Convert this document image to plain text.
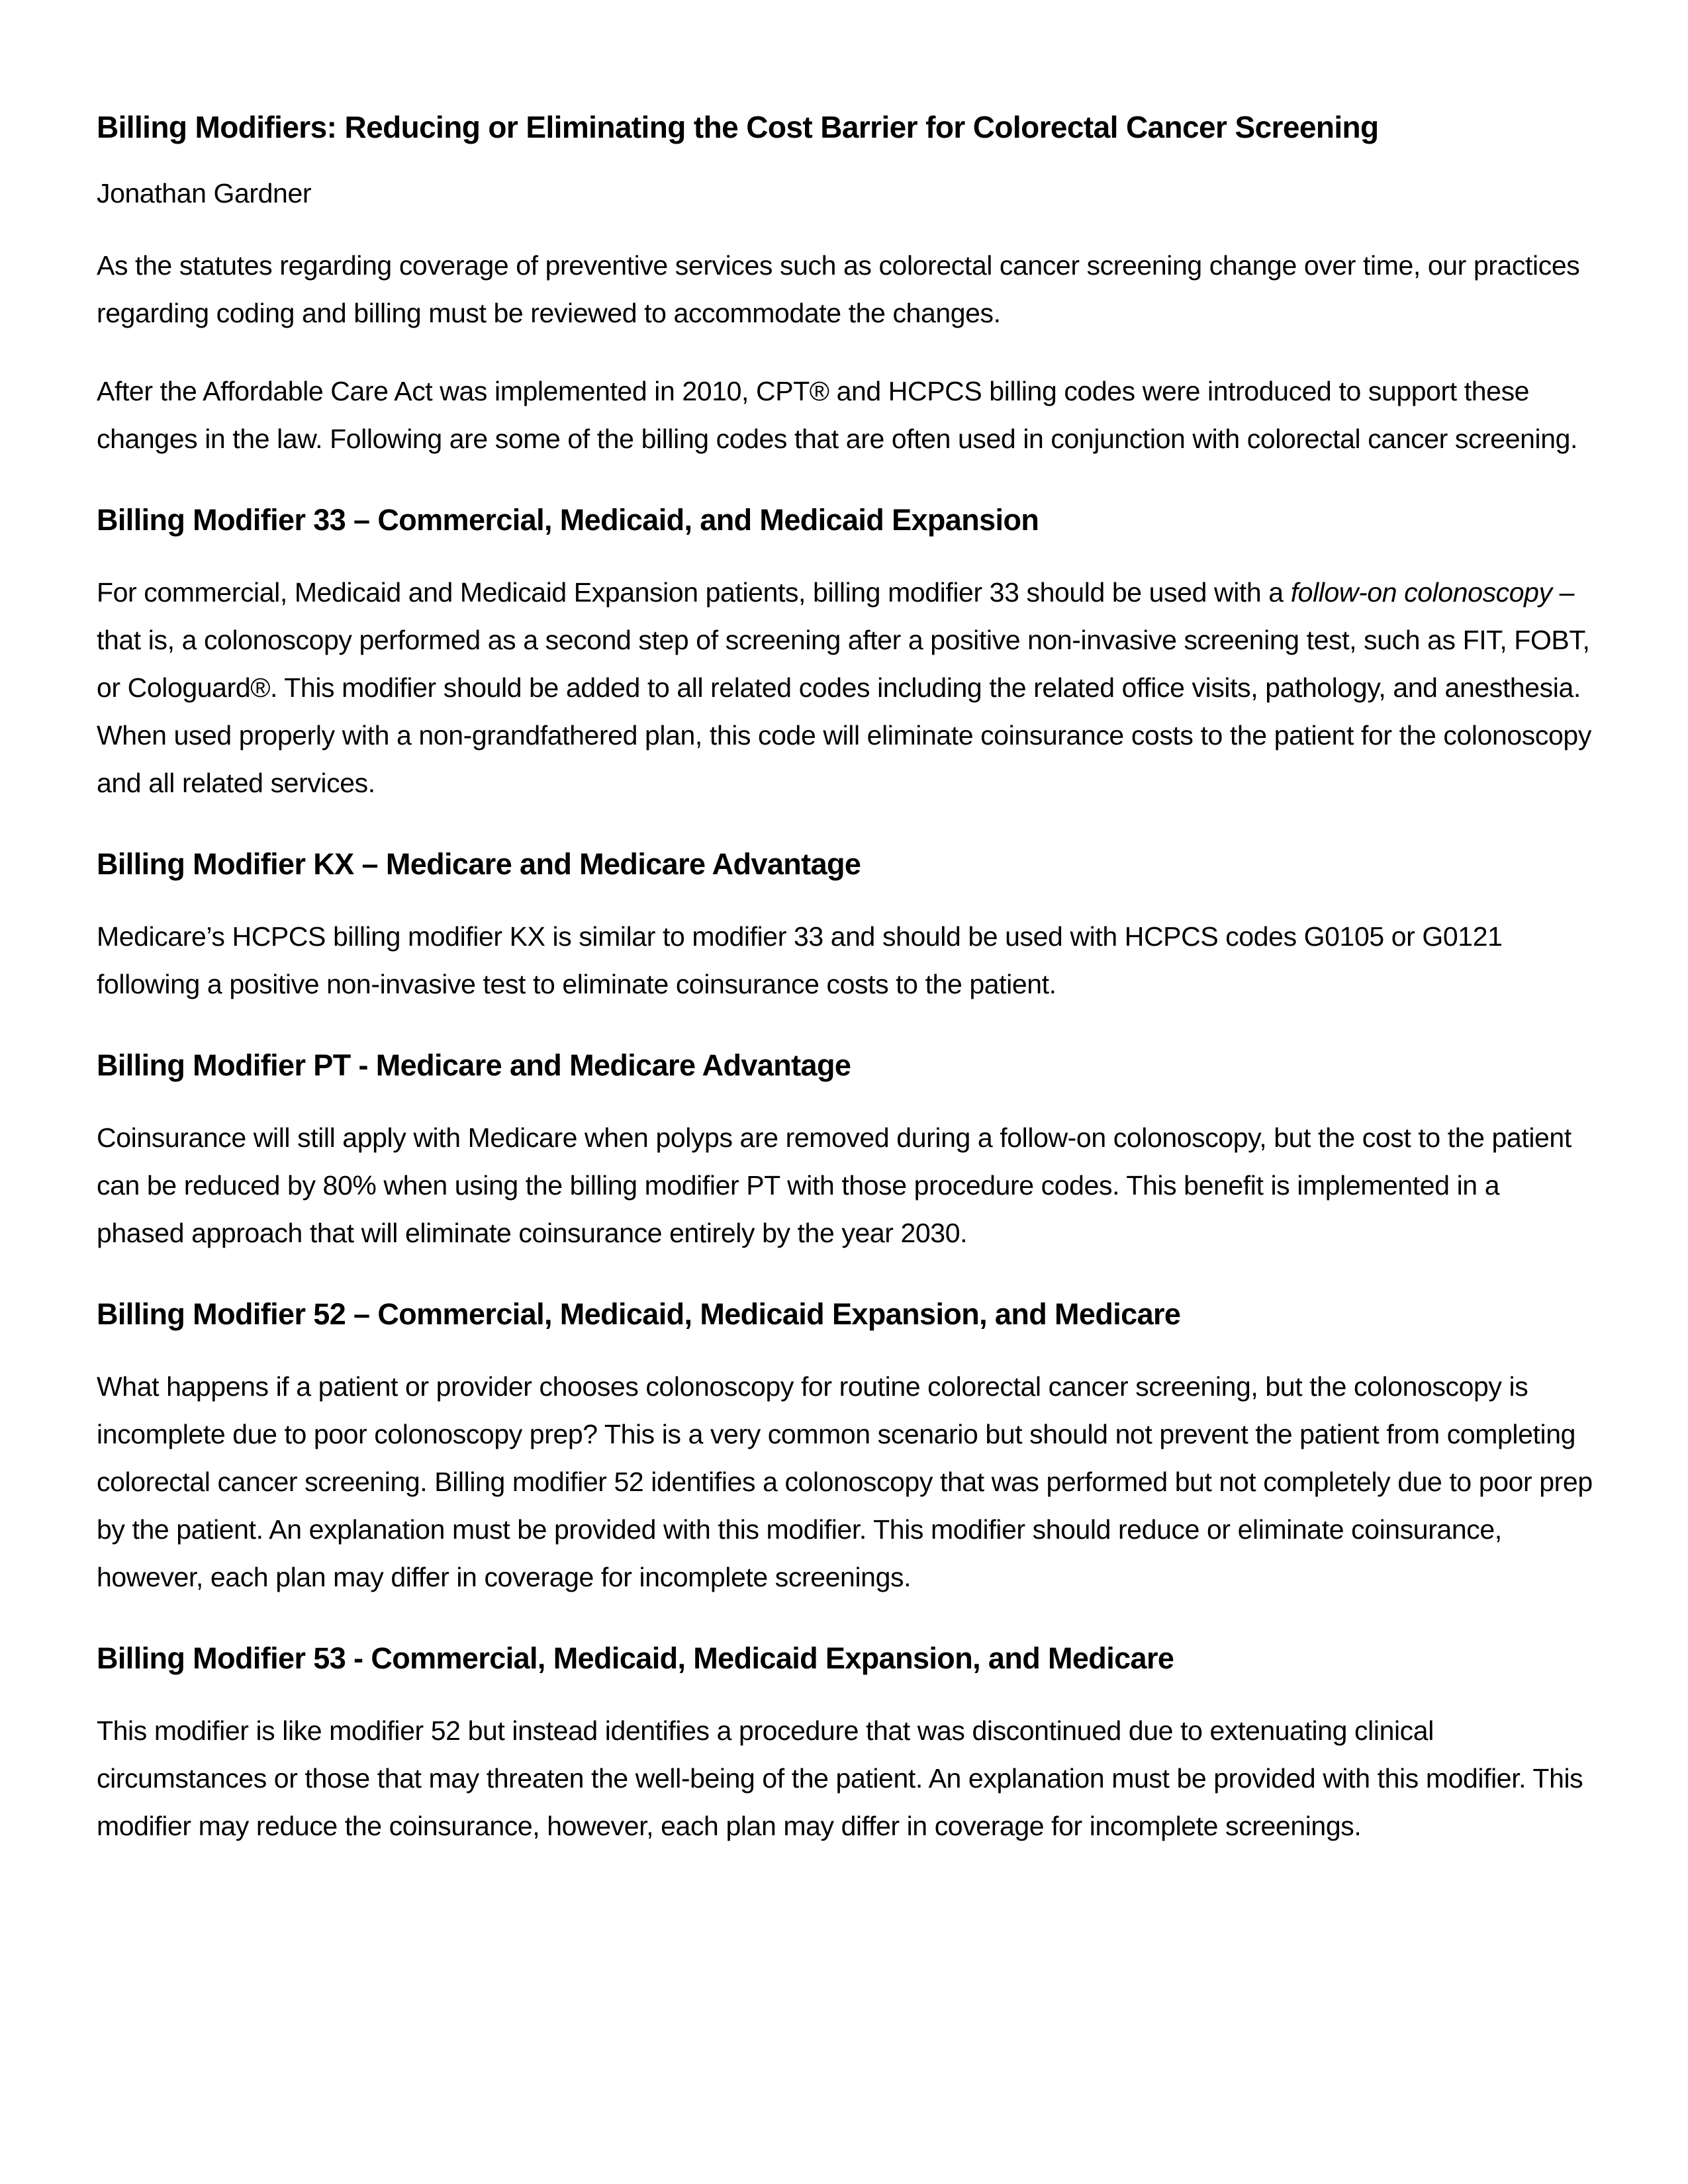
Billing Modifiers: Reducing or Eliminating the Cost Barrier for Colorectal Cancer Screening

Jonathan Gardner

As the statutes regarding coverage of preventive services such as colorectal cancer screening change over time, our practices regarding coding and billing must be reviewed to accommodate the changes.

After the Affordable Care Act was implemented in 2010, CPT® and HCPCS billing codes were introduced to support these changes in the law. Following are some of the billing codes that are often used in conjunction with colorectal cancer screening.

Billing Modifier 33 – Commercial, Medicaid, and Medicaid Expansion

For commercial, Medicaid and Medicaid Expansion patients, billing modifier 33 should be used with a follow-on colonoscopy – that is, a colonoscopy performed as a second step of screening after a positive non-invasive screening test, such as FIT, FOBT, or Cologuard®. This modifier should be added to all related codes including the related office visits, pathology, and anesthesia. When used properly with a non-grandfathered plan, this code will eliminate coinsurance costs to the patient for the colonoscopy and all related services.

Billing Modifier KX – Medicare and Medicare Advantage

Medicare’s HCPCS billing modifier KX is similar to modifier 33 and should be used with HCPCS codes G0105 or G0121 following a positive non-invasive test to eliminate coinsurance costs to the patient.

Billing Modifier PT - Medicare and Medicare Advantage

Coinsurance will still apply with Medicare when polyps are removed during a follow-on colonoscopy, but the cost to the patient can be reduced by 80% when using the billing modifier PT with those procedure codes. This benefit is implemented in a phased approach that will eliminate coinsurance entirely by the year 2030.

Billing Modifier 52 – Commercial, Medicaid, Medicaid Expansion, and Medicare

What happens if a patient or provider chooses colonoscopy for routine colorectal cancer screening, but the colonoscopy is incomplete due to poor colonoscopy prep? This is a very common scenario but should not prevent the patient from completing colorectal cancer screening. Billing modifier 52 identifies a colonoscopy that was performed but not completely due to poor prep by the patient. An explanation must be provided with this modifier. This modifier should reduce or eliminate coinsurance, however, each plan may differ in coverage for incomplete screenings.

Billing Modifier 53 - Commercial, Medicaid, Medicaid Expansion, and Medicare

This modifier is like modifier 52 but instead identifies a procedure that was discontinued due to extenuating clinical circumstances or those that may threaten the well-being of the patient. An explanation must be provided with this modifier. This modifier may reduce the coinsurance, however, each plan may differ in coverage for incomplete screenings.
